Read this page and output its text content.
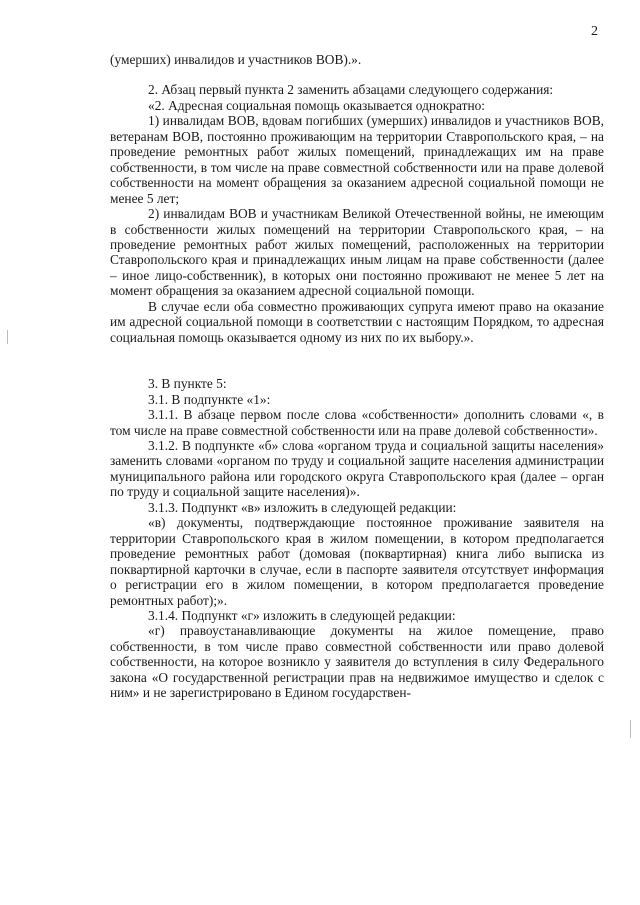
2

(умерших) инвалидов и участников ВОВ).».

2. Абзац первый пункта 2 заменить абзацами следующего содержания:

«2. Адресная социальная помощь оказывается однократно:

1) инвалидам ВОВ, вдовам погибших (умерших) инвалидов и участников ВОВ, ветеранам ВОВ, постоянно проживающим на территории Ставропольского края, – на проведение ремонтных работ жилых помещений, принадлежащих им на праве собственности, в том числе на праве совместной собственности или на праве долевой собственности на момент обращения за оказанием адресной социальной помощи не менее 5 лет;

2) инвалидам ВОВ и участникам Великой Отечественной войны, не имеющим в собственности жилых помещений на территории Ставропольского края, – на проведение ремонтных работ жилых помещений, расположенных на территории Ставропольского края и принадлежащих иным лицам на праве собственности (далее – иное лицо-собственник), в которых они постоянно проживают не менее 5 лет на момент обращения за оказанием адресной социальной помощи.

В случае если оба совместно проживающих супруга имеют право на оказание им адресной социальной помощи в соответствии с настоящим Порядком, то адресная социальная помощь оказывается одному из них по их выбору.».

3. В пункте 5:

3.1. В подпункте «1»:

3.1.1. В абзаце первом после слова «собственности» дополнить словами «, в том числе на праве совместной собственности или на праве долевой собственности».

3.1.2. В подпункте «б» слова «органом труда и социальной защиты населения» заменить словами «органом по труду и социальной защите населения администрации муниципального района или городского округа Ставропольского края (далее – орган по труду и социальной защите населения)».

3.1.3. Подпункт «в» изложить в следующей редакции:

«в) документы, подтверждающие постоянное проживание заявителя на территории Ставропольского края в жилом помещении, в котором предполагается проведение ремонтных работ (домовая (поквартирная) книга либо выписка из поквартирной карточки в случае, если в паспорте заявителя отсутствует информация о регистрации его в жилом помещении, в котором предполагается проведение ремонтных работ);».

3.1.4. Подпункт «г» изложить в следующей редакции:

«г) правоустанавливающие документы на жилое помещение, право собственности, в том числе право совместной собственности или право долевой собственности, на которое возникло у заявителя до вступления в силу Федерального закона «О государственной регистрации прав на недвижимое имущество и сделок с ним» и не зарегистрировано в Едином государствен-
